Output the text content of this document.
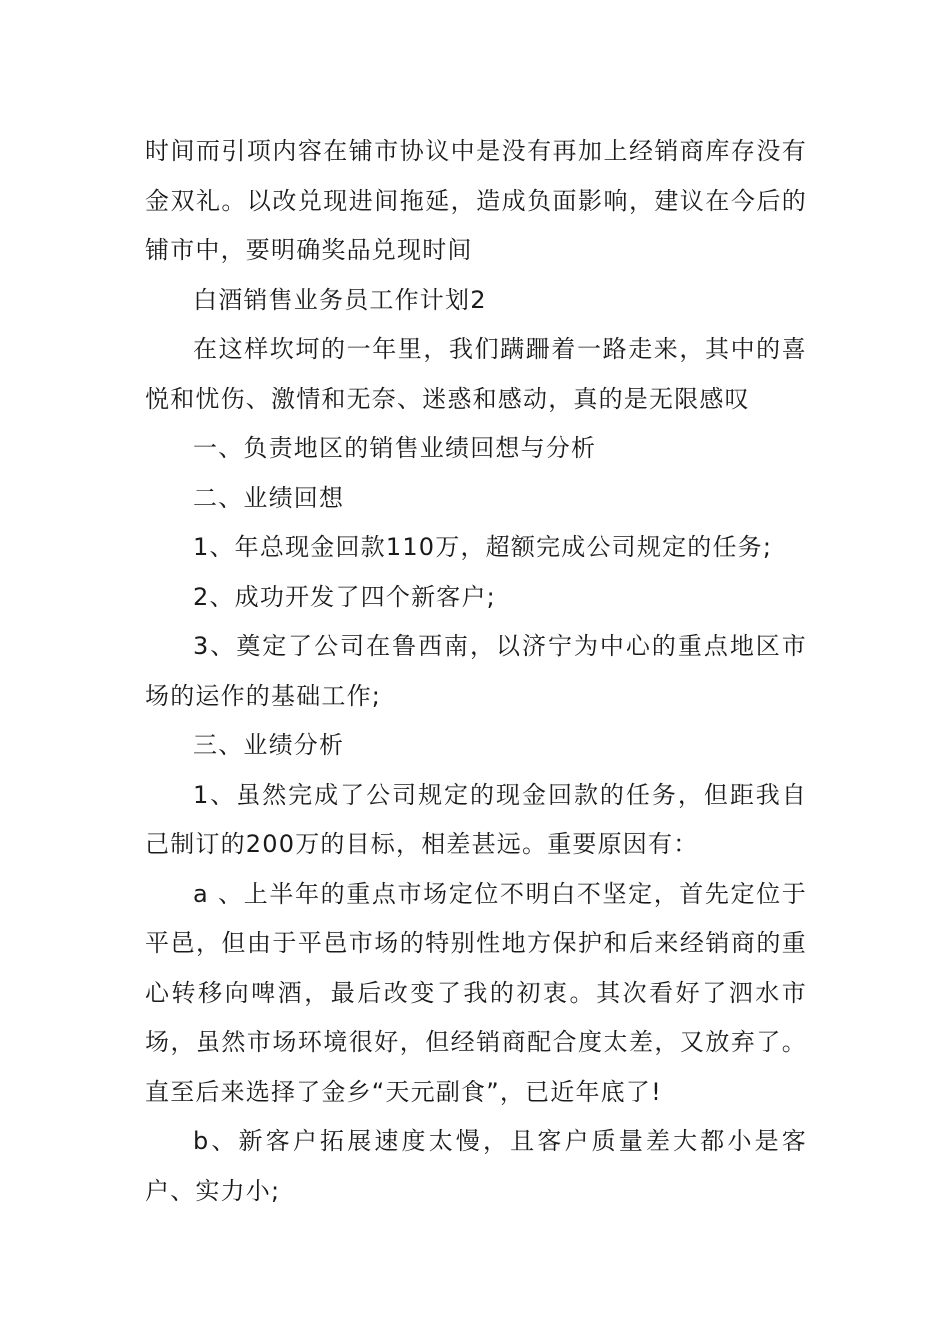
时间而引项内容在铺市协议中是没有再加上经销商库存没有金双礼。以改兑现进间拖延，造成负面影响，建议在今后的铺市中，要明确奖品兑现时间

白酒销售业务员工作计划2

在这样坎坷的一年里，我们蹒跚着一路走来，其中的喜悦和忧伤、激情和无奈、迷惑和感动，真的是无限感叹

一、负责地区的销售业绩回想与分析

二、业绩回想

1、年总现金回款110万，超额完成公司规定的任务;

2、成功开发了四个新客户;

3、奠定了公司在鲁西南，以济宁为中心的重点地区市场的运作的基础工作;

三、业绩分析

1、虽然完成了公司规定的现金回款的任务，但距我自己制订的200万的目标，相差甚远。重要原因有：

a 、上半年的重点市场定位不明白不坚定，首先定位于平邑，但由于平邑市场的特别性地方保护和后来经销商的重心转移向啤酒，最后改变了我的初衷。其次看好了泗水市场，虽然市场环境很好，但经销商配合度太差，又放弃了。直至后来选择了金乡“天元副食”，已近年底了!

b、新客户拓展速度太慢，且客户质量差大都小是客户、实力小;
